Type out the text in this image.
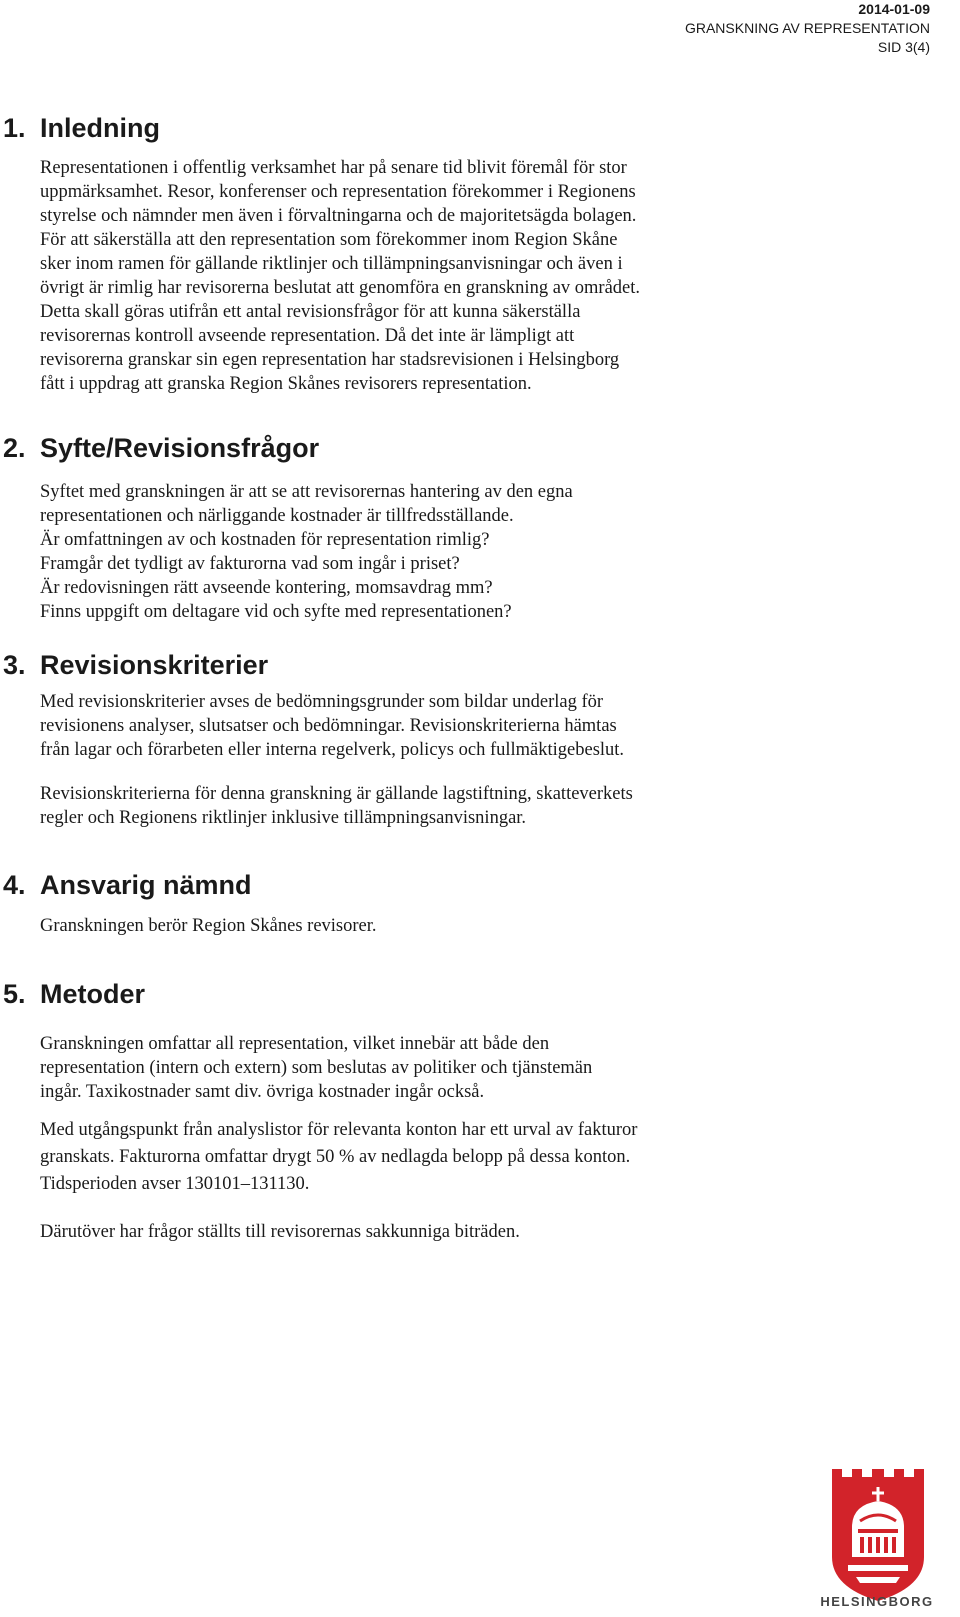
2014-01-09
GRANSKNING AV REPRESENTATION
SID 3(4)
1. Inledning
Representationen i offentlig verksamhet har på senare tid blivit föremål för stor
uppmärksamhet. Resor, konferenser och representation förekommer i Regionens
styrelse och nämnder men även i förvaltningarna och de majoritetsägda bolagen.
För att säkerställa att den representation som förekommer inom Region Skåne
sker inom ramen för gällande riktlinjer och tillämpningsanvisningar och även i
övrigt är rimlig har revisorerna beslutat att genomföra en granskning av området.
Detta skall göras utifrån ett antal revisionsfrågor för att kunna säkerställa
revisorernas kontroll avseende representation. Då det inte är lämpligt att
revisorerna granskar sin egen representation har stadsrevisionen i Helsingborg
fått i uppdrag att granska Region Skånes revisorers representation.
2. Syfte/Revisionsfrågor
Syftet med granskningen är att se att revisorernas hantering av den egna
representationen och närliggande kostnader är tillfredsställande.
Är omfattningen av och kostnaden för representation rimlig?
Framgår det tydligt av fakturorna vad som ingår i priset?
Är redovisningen rätt avseende kontering, momsavdrag mm?
Finns uppgift om deltagare vid och syfte med representationen?
3. Revisionskriterier
Med revisionskriterier avses de bedömningsgrunder som bildar underlag för
revisionens analyser, slutsatser och bedömningar. Revisionskriterierna hämtas
från lagar och förarbeten eller interna regelverk, policys och fullmäktigebeslut.
Revisionskriterierna för denna granskning är gällande lagstiftning, skatteverkets
regler och Regionens riktlinjer inklusive tillämpningsanvisningar.
4. Ansvarig nämnd
Granskningen berör Region Skånes revisorer.
5. Metoder
Granskningen omfattar all representation, vilket innebär att både den
representation (intern och extern) som beslutas av politiker och tjänstemän
ingår. Taxikostnader samt div. övriga kostnader ingår också.
Med utgångspunkt från analyslistor för relevanta konton har ett urval av fakturor
granskats. Fakturorna omfattar drygt 50 % av nedlagda belopp på dessa konton.
Tidsperioden avser 130101–131130.
Därutöver har frågor ställts till revisorernas sakkunniga biträden.
HELSINGBORG
